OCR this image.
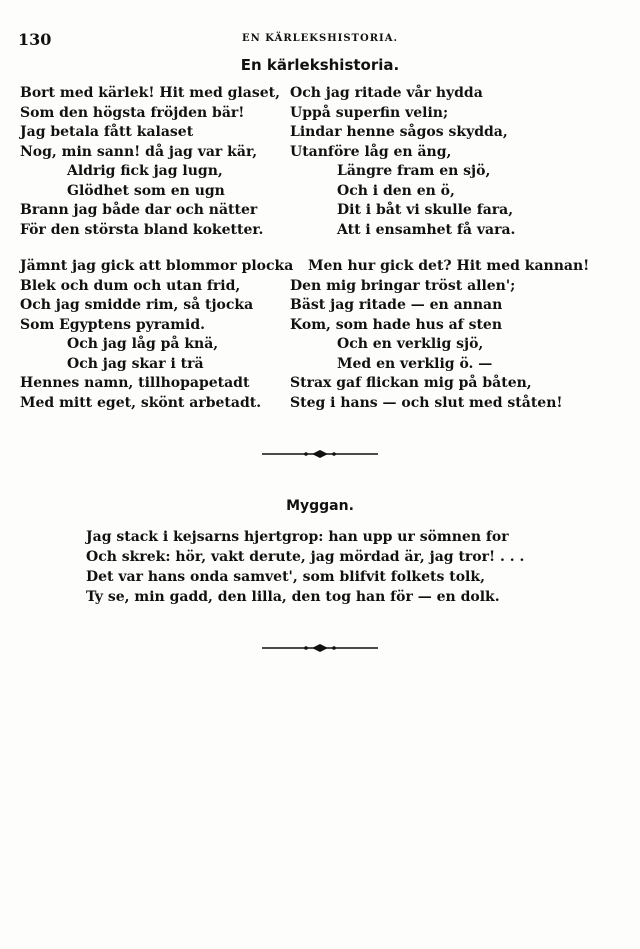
130	EN KÄRLEKSHISTORIA.
En kärlekshistoria.
Bort med kärlek! Hit med glaset,
Som den högsta fröjden bär!
Jag betala fått kalaset
Nog, min sann! då jag var kär,
Aldrig fick jag lugn,
Glödhet som en ugn
Brann jag både dar och nätter
För den största bland koketter.
Och jag ritade vår hydda
Uppå superfin velin;
Lindar henne sågos skydda,
Utanföre låg en äng,
Längre fram en sjö,
Och i den en ö,
Dit i båt vi skulle fara,
Att i ensamhet få vara.
Jämnt jag gick att blommor plocka
Blek och dum och utan frid,
Och jag smidde rim, så tjocka
Som Egyptens pyramid.
Och jag låg på knä,
Och jag skar i trä
Hennes namn, tillhopapetadt
Med mitt eget, skönt arbetadt.
Men hur gick det? Hit med kannan!
Den mig bringar tröst allen';
Bäst jag ritade — en annan
Kom, som hade hus af sten
Och en verklig sjö,
Med en verklig ö. —
Strax gaf flickan mig på båten,
Steg i hans — och slut med ståten!
Myggan.
Jag stack i kejsarns hjertgrop: han upp ur sömnen for
Och skrek: hör, vakt derute, jag mördad är, jag tror! . . .
Det var hans onda samvet', som blifvit folkets tolk,
Ty se, min gadd, den lilla, den tog han för — en dolk.
